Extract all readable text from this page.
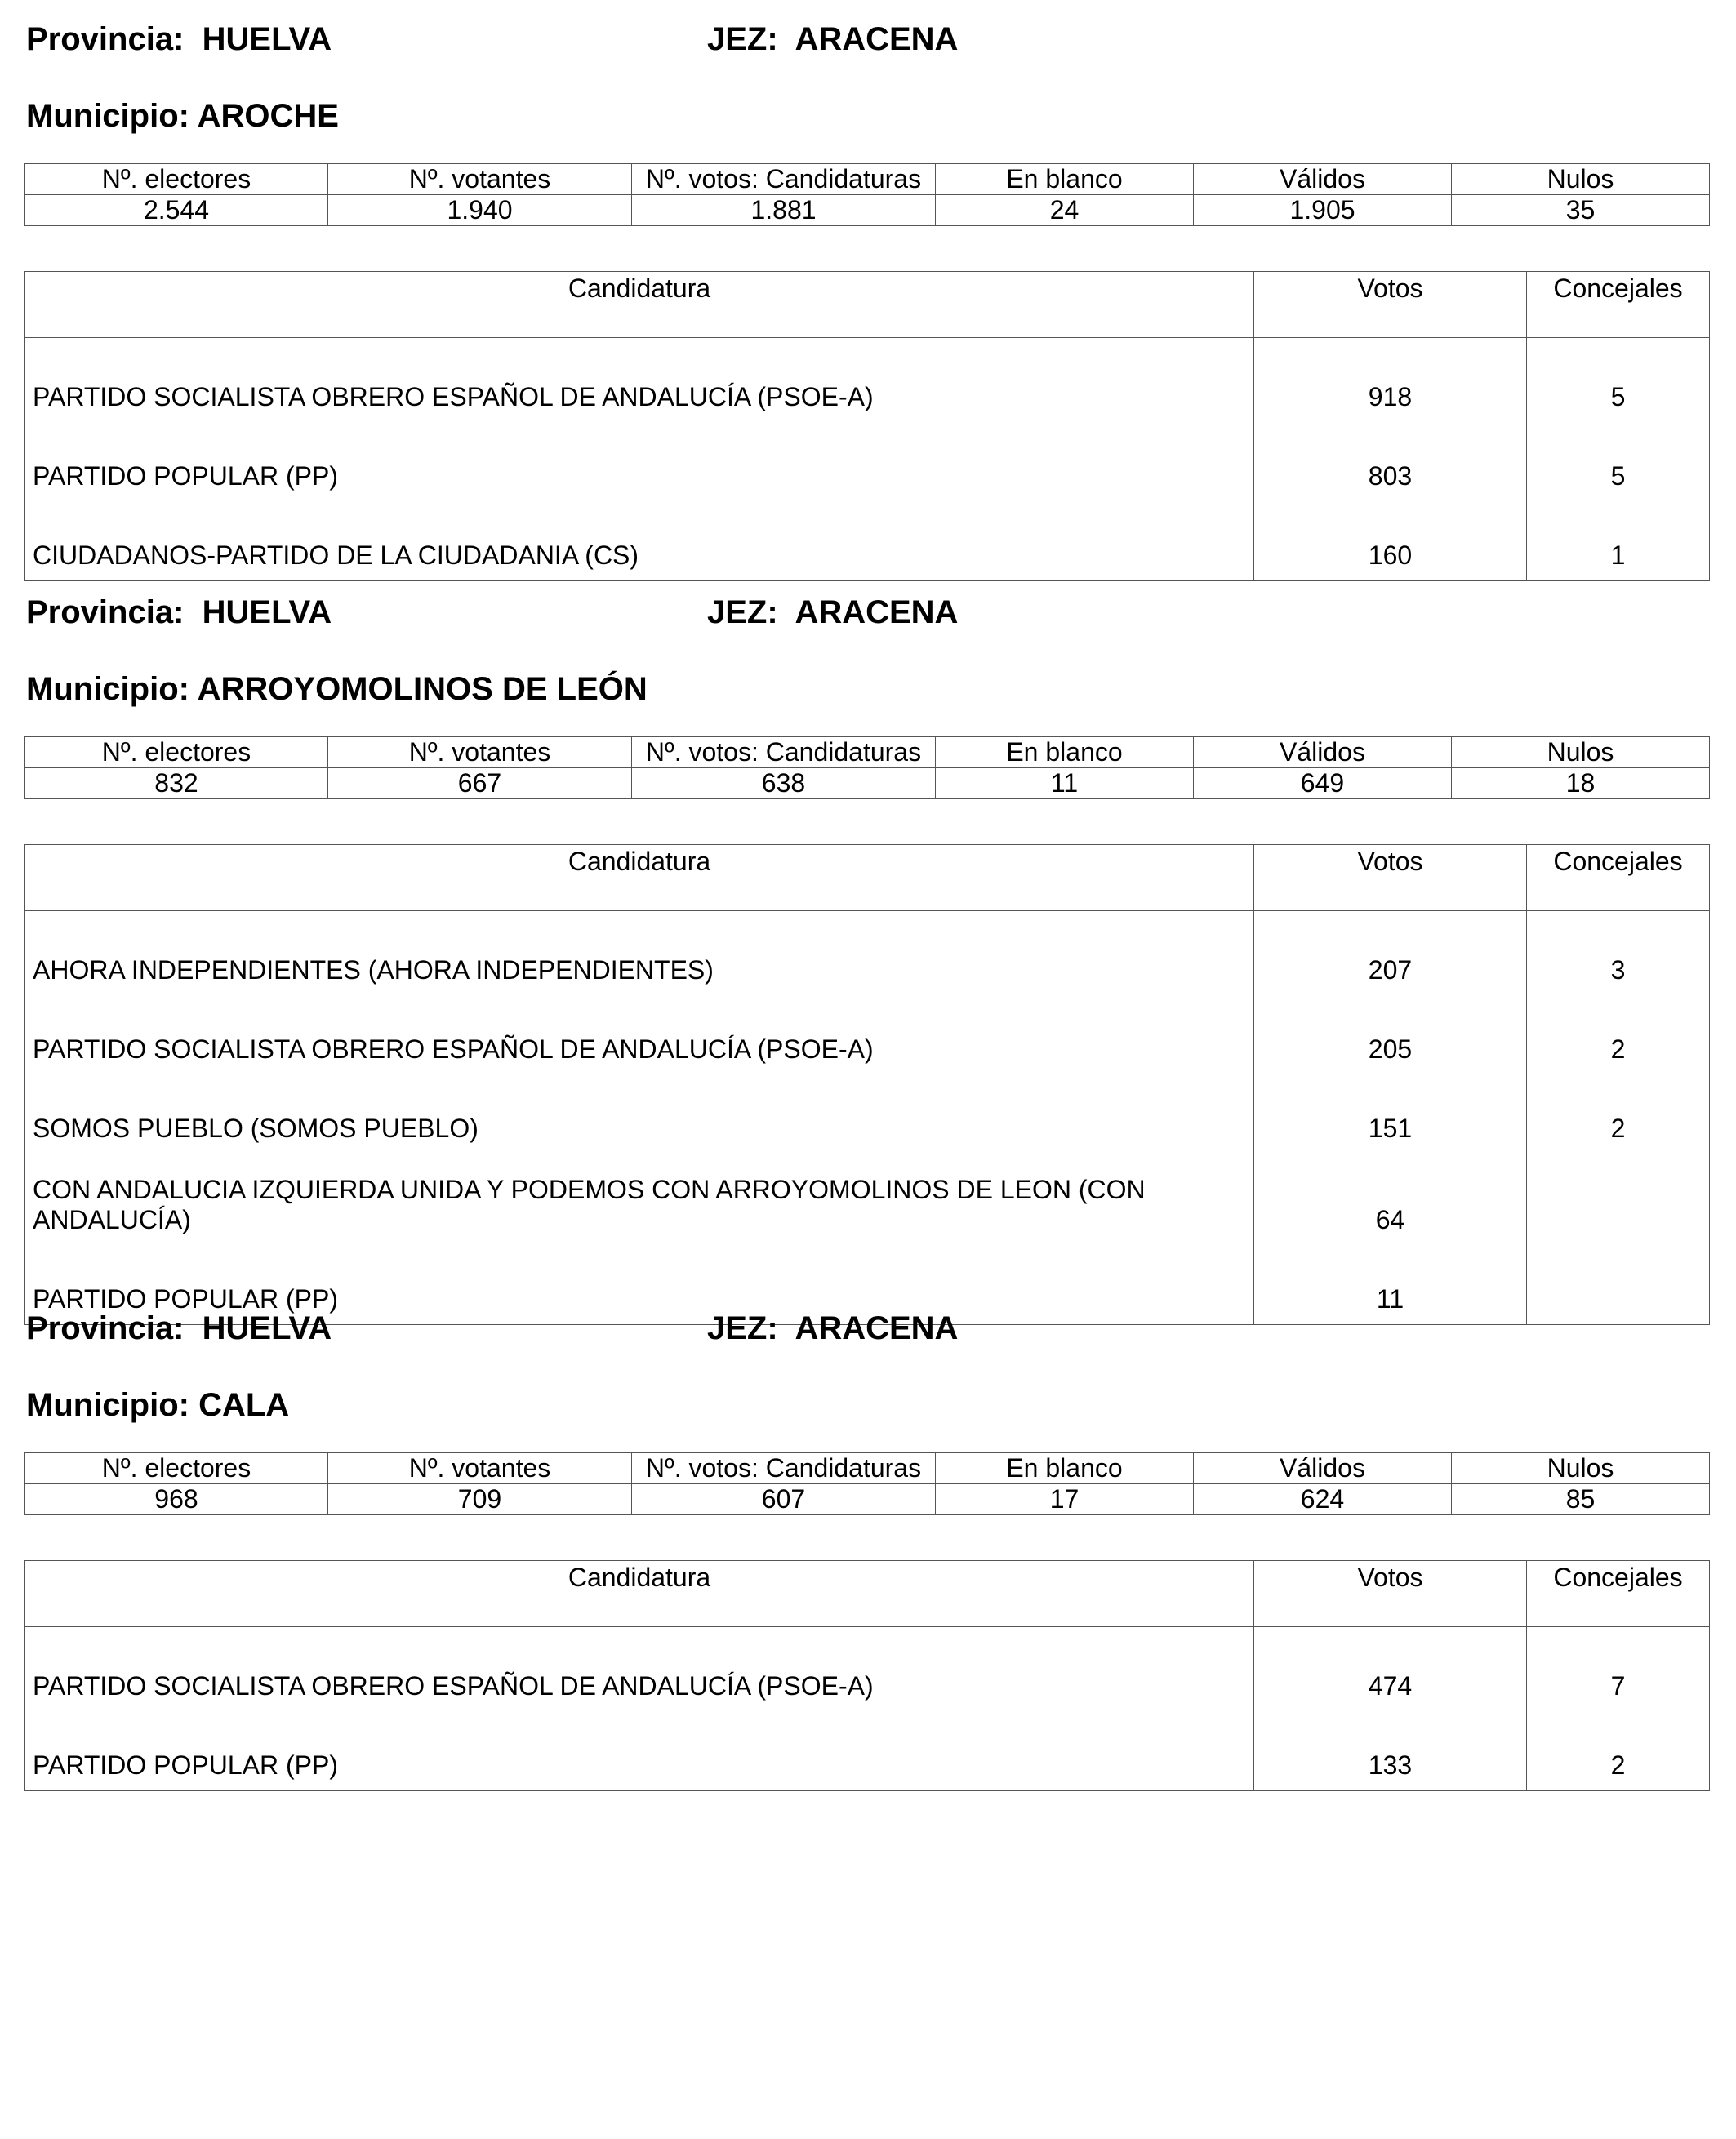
Provincia: HUELVA	JEZ: ARACENA
Municipio: AROCHE
Nº. electores	Nº. votantes	Nº. votos: Candidaturas	En blanco	Válidos	Nulos
2.544	1.940	1.881	24	1.905	35
Candidatura	Votos	Concejales

PARTIDO SOCIALISTA OBRERO ESPAÑOL DE ANDALUCÍA (PSOE-A)	918	5
PARTIDO POPULAR (PP)	803	5
CIUDADANOS-PARTIDO DE LA CIUDADANIA (CS)	160	1
Provincia: HUELVA	JEZ: ARACENA
Municipio: ARROYOMOLINOS DE LEÓN
Nº. electores	Nº. votantes	Nº. votos: Candidaturas	En blanco	Válidos	Nulos
832	667	638	11	649	18
Candidatura	Votos	Concejales

AHORA INDEPENDIENTES (AHORA INDEPENDIENTES)	207	3
PARTIDO SOCIALISTA OBRERO ESPAÑOL DE ANDALUCÍA (PSOE-A)	205	2
SOMOS PUEBLO (SOMOS PUEBLO)	151	2
CON ANDALUCIA IZQUIERDA UNIDA Y PODEMOS CON ARROYOMOLINOS DE LEON (CON ANDALUCÍA)	64	
PARTIDO POPULAR (PP)	11	
Provincia: HUELVA	JEZ: ARACENA
Municipio: CALA
Nº. electores	Nº. votantes	Nº. votos: Candidaturas	En blanco	Válidos	Nulos
968	709	607	17	624	85
Candidatura	Votos	Concejales

PARTIDO SOCIALISTA OBRERO ESPAÑOL DE ANDALUCÍA (PSOE-A)	474	7
PARTIDO POPULAR (PP)	133	2
